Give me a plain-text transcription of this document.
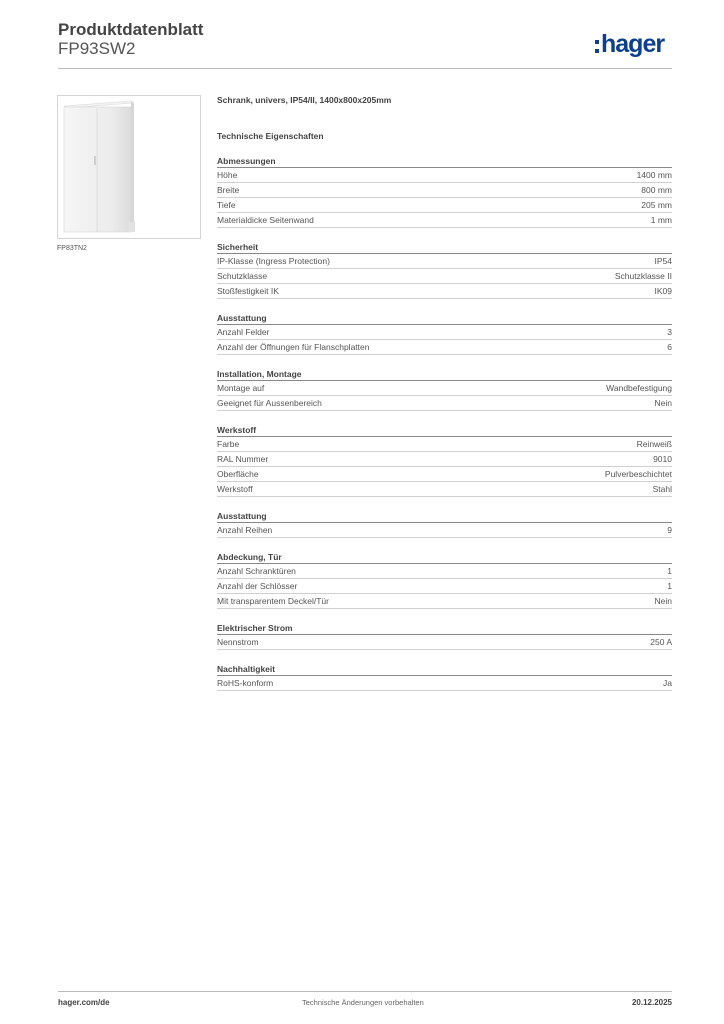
Produktdatenblatt
FP93SW2	hager
FP83TN2
Schrank, univers, IP54/II, 1400x800x205mm
Technische Eigenschaften
Abmessungen
Höhe	1400 mm
Breite	800 mm
Tiefe	205 mm
Materialdicke Seitenwand	1 mm
Sicherheit
IP-Klasse (Ingress Protection)	IP54
Schutzklasse	Schutzklasse II
Stoßfestigkeit IK	IK09
Ausstattung
Anzahl Felder	3
Anzahl der Öffnungen für Flanschplatten	6
Installation, Montage
Montage auf	Wandbefestigung
Geeignet für Aussenbereich	Nein
Werkstoff
Farbe	Reinweiß
RAL Nummer	9010
Oberfläche	Pulverbeschichtet
Werkstoff	Stahl
Ausstattung
Anzahl Reihen	9
Abdeckung, Tür
Anzahl Schranktüren	1
Anzahl der Schlösser	1
Mit transparentem Deckel/Tür	Nein
Elektrischer Strom
Nennstrom	250 A
Nachhaltigkeit
RoHS-konform	Ja
hager.com/de	Technische Änderungen vorbehalten	20.12.2025
